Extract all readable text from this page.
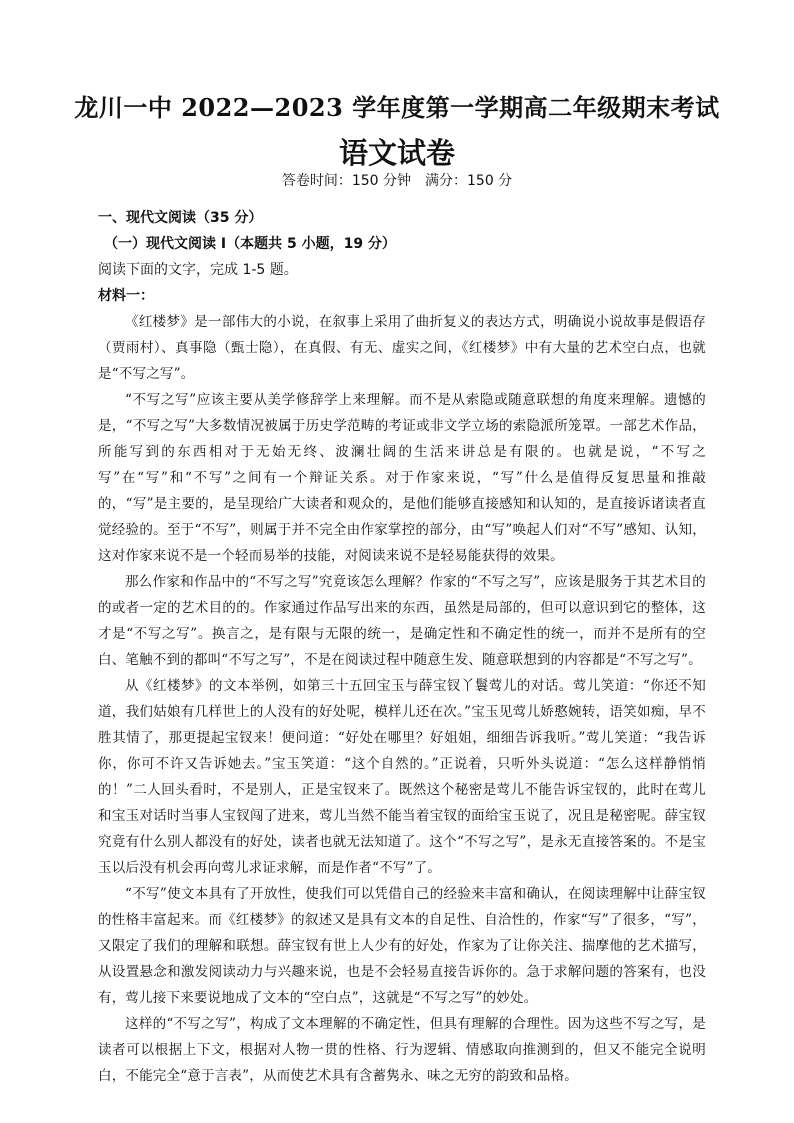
龙川一中 2022—2023 学年度第一学期高二年级期末考试
语文试卷
答卷时间：150 分钟 满分：150 分

一、现代文阅读（35 分）

（一）现代文阅读 I（本题共 5 小题，19 分）

阅读下面的文字，完成 1-5 题。

材料一：

《红楼梦》是一部伟大的小说，在叙事上采用了曲折复义的表达方式，明确说小说故事是假语存（贾雨村）、真事隐（甄士隐），在真假、有无、虚实之间，《红楼梦》中有大量的艺术空白点，也就是“不写之写”。

“不写之写”应该主要从美学修辞学上来理解。而不是从索隐或随意联想的角度来理解。遗憾的是，“不写之写”大多数情况被属于历史学范畴的考证或非文学立场的索隐派所笼罩。一部艺术作品，所能写到的东西相对于无始无终、波澜壮阔的生活来讲总是有限的。也就是说，“不写之写”在“写”和“不写”之间有一个辩证关系。对于作家来说，“写”什么是值得反复思量和推敲的，“写”是主要的，是呈现给广大读者和观众的，是他们能够直接感知和认知的，是直接诉诸读者直觉经验的。至于“不写”，则属于并不完全由作家掌控的部分，由“写”唤起人们对“不写”感知、认知，这对作家来说不是一个轻而易举的技能，对阅读来说不是轻易能获得的效果。

那么作家和作品中的“不写之写”究竟该怎么理解？作家的“不写之写”，应该是服务于其艺术目的的或者一定的艺术目的的。作家通过作品写出来的东西，虽然是局部的，但可以意识到它的整体，这才是“不写之写”。换言之，是有限与无限的统一，是确定性和不确定性的统一，而并不是所有的空白、笔触不到的都叫“不写之写”，不是在阅读过程中随意生发、随意联想到的内容都是“不写之写”。

从《红楼梦》的文本举例，如第三十五回宝玉与薛宝钗丫鬟莺儿的对话。莺儿笑道：“你还不知道，我们姑娘有几样世上的人没有的好处呢，模样儿还在次。”宝玉见莺儿娇憨婉转，语笑如痴，早不胜其情了，那更提起宝钗来！便问道：“好处在哪里？好姐姐，细细告诉我听。”莺儿笑道：“我告诉你，你可不许又告诉她去。”宝玉笑道：“这个自然的。”正说着，只听外头说道：“怎么这样静悄悄的！”二人回头看时，不是别人，正是宝钗来了。既然这个秘密是莺儿不能告诉宝钗的，此时在莺儿和宝玉对话时当事人宝钗闯了进来，莺儿当然不能当着宝钗的面给宝玉说了，况且是秘密呢。薛宝钗究竟有什么别人都没有的好处，读者也就无法知道了。这个“不写之写”，是永无直接答案的。不是宝玉以后没有机会再向莺儿求证求解，而是作者“不写”了。

“不写”使文本具有了开放性，使我们可以凭借自己的经验来丰富和确认，在阅读理解中让薛宝钗的性格丰富起来。而《红楼梦》的叙述又是具有文本的自足性、自洽性的，作家“写”了很多，“写”，又限定了我们的理解和联想。薛宝钗有世上人少有的好处，作家为了让你关注、揣摩他的艺术描写，从设置悬念和激发阅读动力与兴趣来说，也是不会轻易直接告诉你的。急于求解问题的答案有，也没有，莺儿接下来要说地成了文本的“空白点”，这就是“不写之写”的妙处。

这样的“不写之写”，构成了文本理解的不确定性，但具有理解的合理性。因为这些不写之写，是读者可以根据上下文，根据对人物一贯的性格、行为逻辑、情感取向推测到的，但又不能完全说明白，不能完全“意于言表”，从而使艺术具有含蓄隽永、味之无穷的韵致和品格。
